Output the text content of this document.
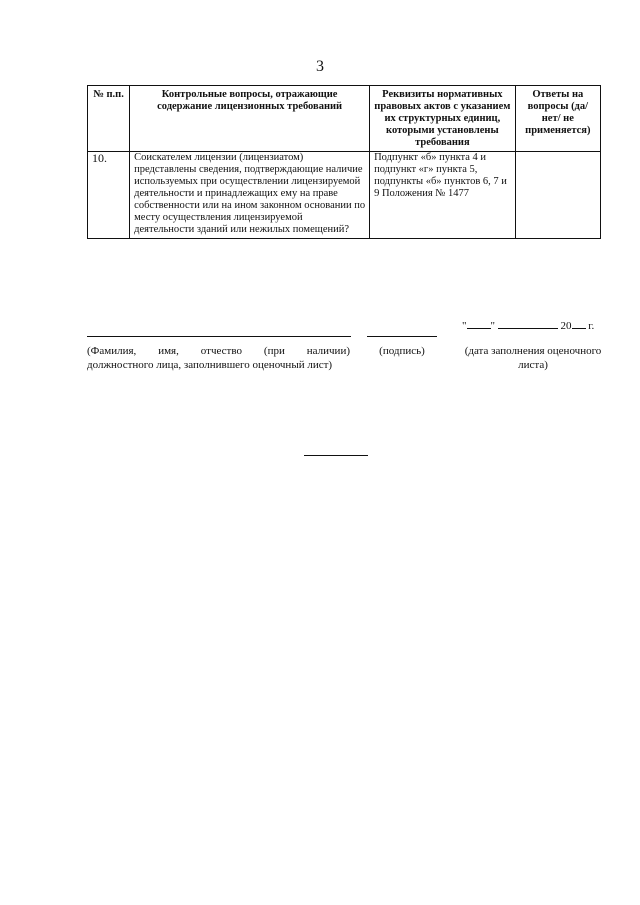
3
№ п.п.	Контрольные вопросы, отражающие содержание лицензионных требований	Реквизиты нормативных правовых актов с указанием их структурных единиц, которыми установлены требования	Ответы на вопросы (да/нет/ не применяется)
10.	Соискателем лицензии (лицензиатом) представлены сведения, подтверждающие наличие используемых при осуществлении лицензируемой деятельности и принадлежащих ему на праве собственности или на ином законном основании по месту осуществления лицензируемой деятельности зданий или нежилых помещений?	Подпункт «б» пункта 4 и подпункт «г» пункта 5, подпункты «б» пунктов 6, 7 и 9 Положения № 1477	
" "	20 г.
(Фамилия, имя, отчество (при наличии)
должностного лица, заполнившего оценочный лист)
(подпись)	(дата заполнения оценочного листа)
